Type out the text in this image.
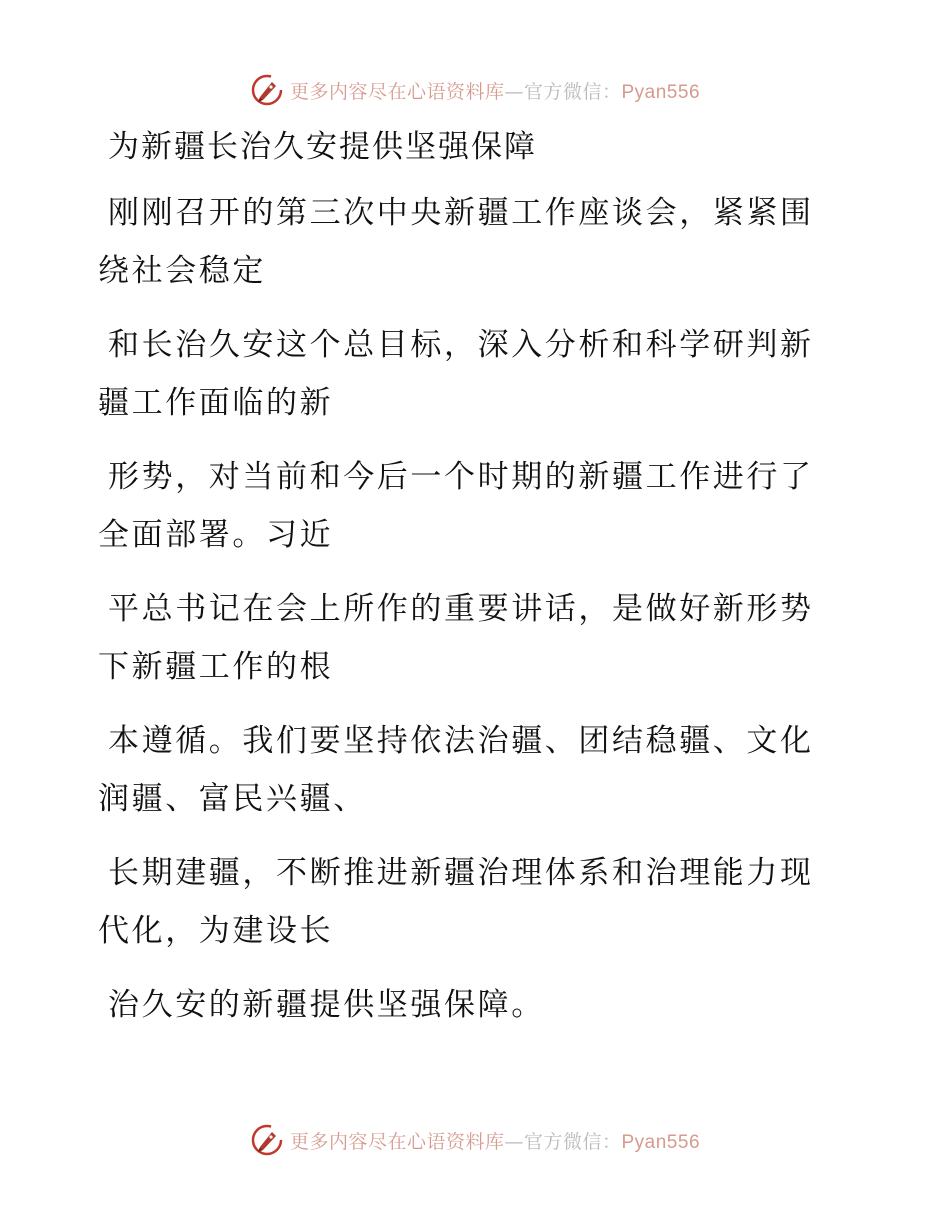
更多内容尽在心语资料库—官方微信：Pyan556
为新疆长治久安提供坚强保障
刚刚召开的第三次中央新疆工作座谈会，紧紧围
绕社会稳定
和长治久安这个总目标，深入分析和科学研判新
疆工作面临的新
形势，对当前和今后一个时期的新疆工作进行了
全面部署。习近
平总书记在会上所作的重要讲话，是做好新形势
下新疆工作的根
本遵循。我们要坚持依法治疆、团结稳疆、文化
润疆、富民兴疆、
长期建疆，不断推进新疆治理体系和治理能力现
代化，为建设长
治久安的新疆提供坚强保障。
更多内容尽在心语资料库—官方微信：Pyan556
